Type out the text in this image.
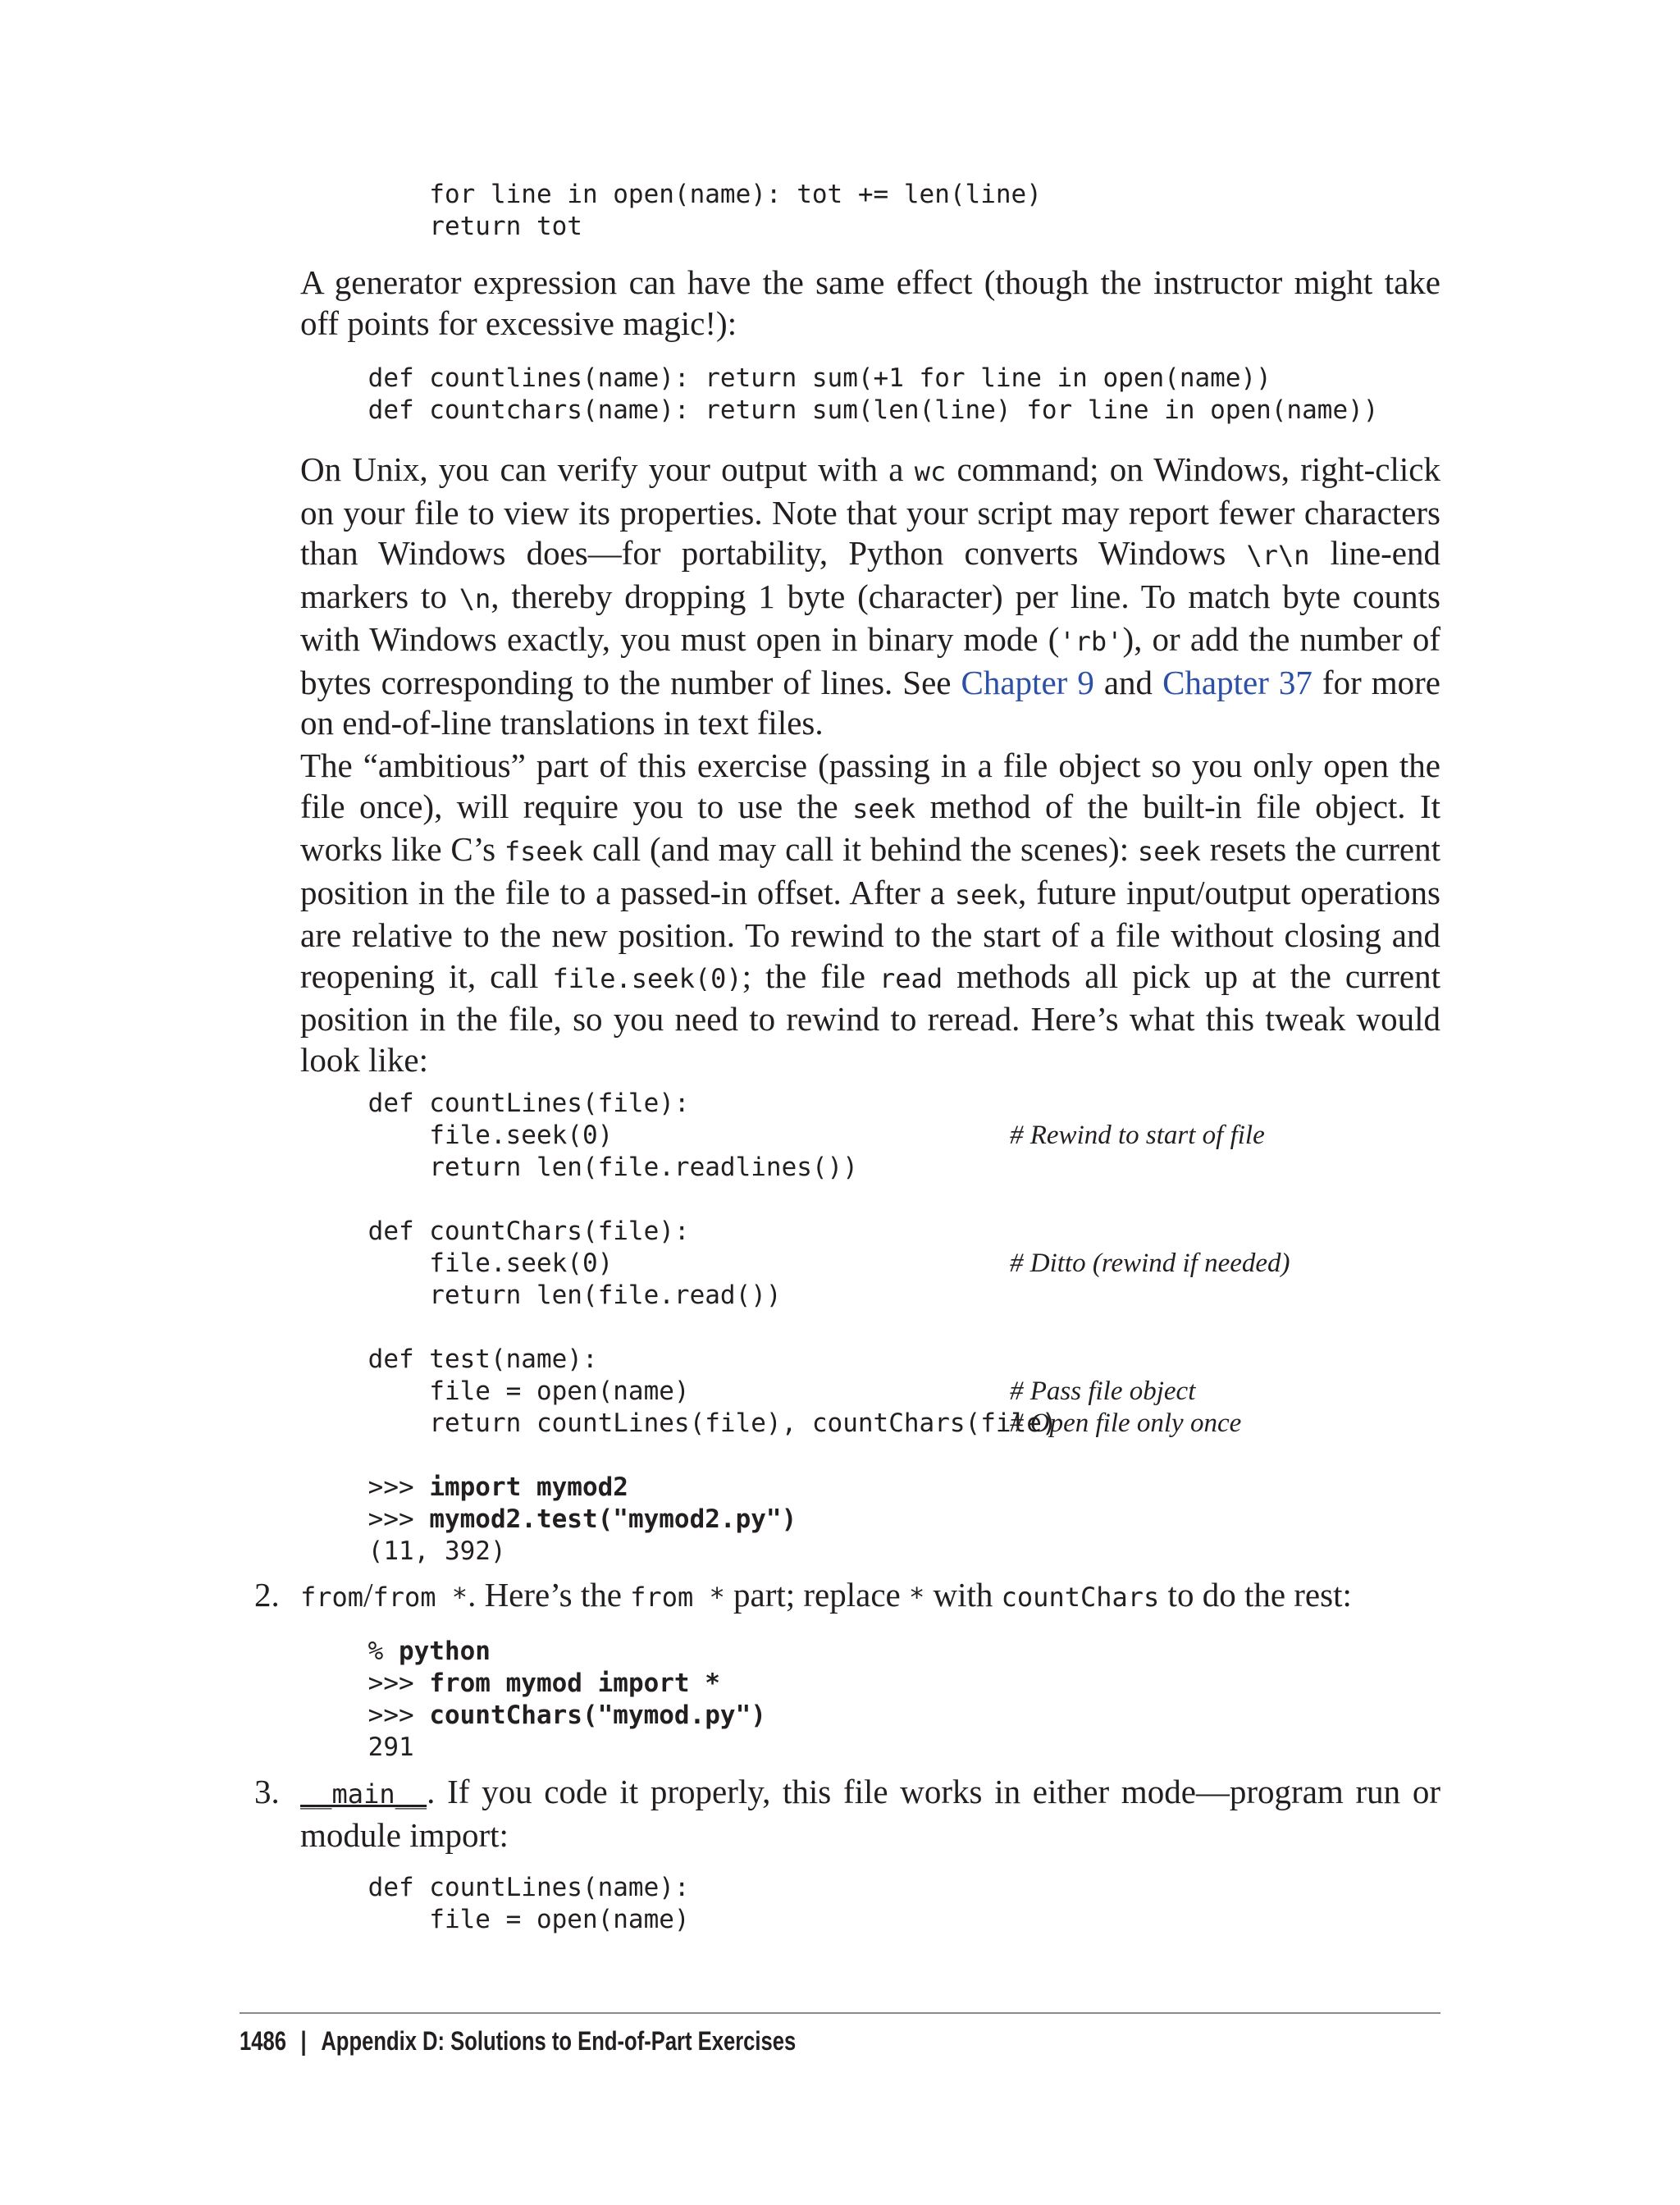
for line in open(name): tot += len(line)
return tot

A generator expression can have the same effect (though the instructor might take off points for excessive magic!):

def countlines(name): return sum(+1 for line in open(name))
def countchars(name): return sum(len(line) for line in open(name))

On Unix, you can verify your output with a wc command; on Windows, right-click on your file to view its properties. Note that your script may report fewer characters than Windows does—for portability, Python converts Windows \r\n line-end markers to \n, thereby dropping 1 byte (character) per line. To match byte counts with Windows exactly, you must open in binary mode ('rb'), or add the number of bytes corresponding to the number of lines. See Chapter 9 and Chapter 37 for more on end-of-line translations in text files.

The “ambitious” part of this exercise (passing in a file object so you only open the file once), will require you to use the seek method of the built-in file object. It works like C’s fseek call (and may call it behind the scenes): seek resets the current position in the file to a passed-in offset. After a seek, future input/output operations are relative to the new position. To rewind to the start of a file without closing and reopening it, call file.seek(0); the file read methods all pick up at the current position in the file, so you need to rewind to reread. Here’s what this tweak would look like:

def countLines(file):
file.seek(0)	# Rewind to start of file

return len(file.readlines())

def countChars(file):
file.seek(0)	# Ditto (rewind if needed)

return len(file.read())

def test(name):
file = open(name)	# Pass file object

return countLines(file), countChars(file)
# Open file only once

>>> import mymod2
>>> mymod2.test("mymod2.py")
(11, 392)
2. from/from *. Here’s the from * part; replace * with countChars to do the rest:

% python
>>> from mymod import *
>>> countChars("mymod.py")
291
3. __main__. If you code it properly, this file works in either mode—program run or module import:

def countLines(name):
file = open(name)
1486 | Appendix D: Solutions to End-of-Part Exercises
